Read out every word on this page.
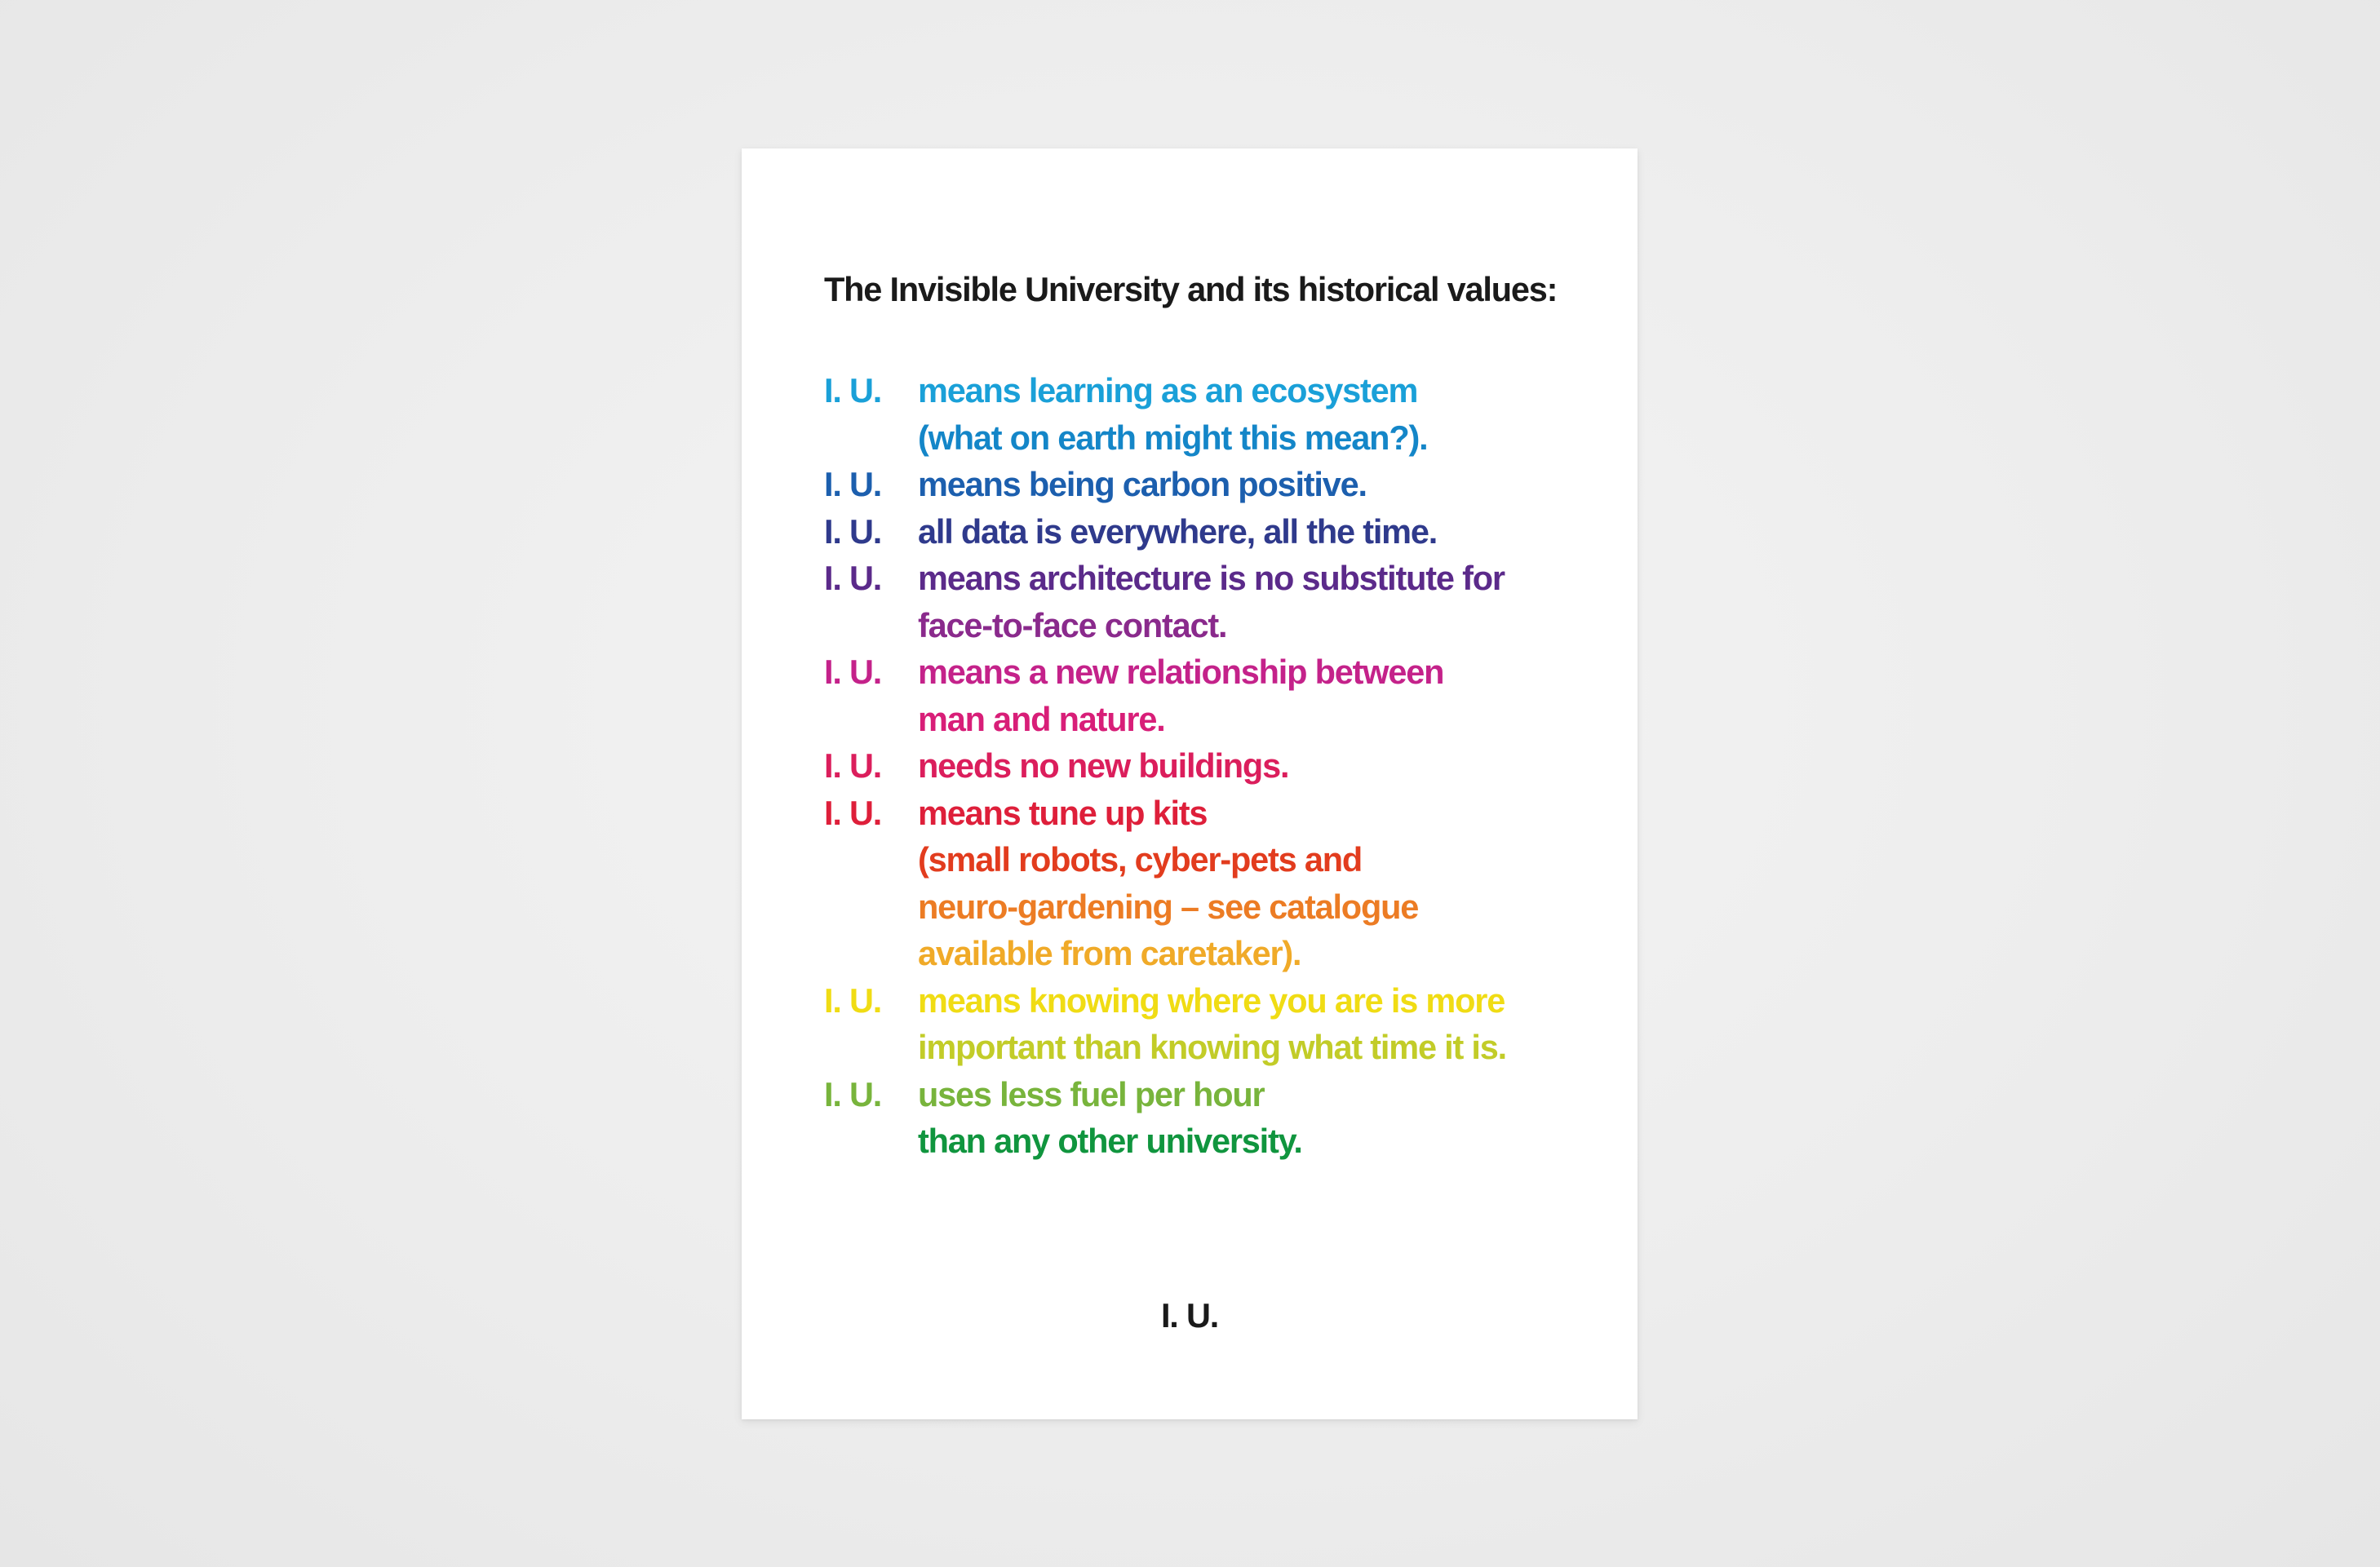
The Invisible University and its historical values:
I. U. means learning as an ecosystem
(what on earth might this mean?).
I. U. means being carbon positive.
I. U. all data is everywhere, all the time.
I. U. means architecture is no substitute for
face-to-face contact.
I. U. means a new relationship between
man and nature.
I. U. needs no new buildings.
I. U. means tune up kits
(small robots, cyber-pets and
neuro-gardening – see catalogue
available from caretaker).
I. U. means knowing where you are is more
important than knowing what time it is.
I. U. uses less fuel per hour
than any other university.
I. U.
